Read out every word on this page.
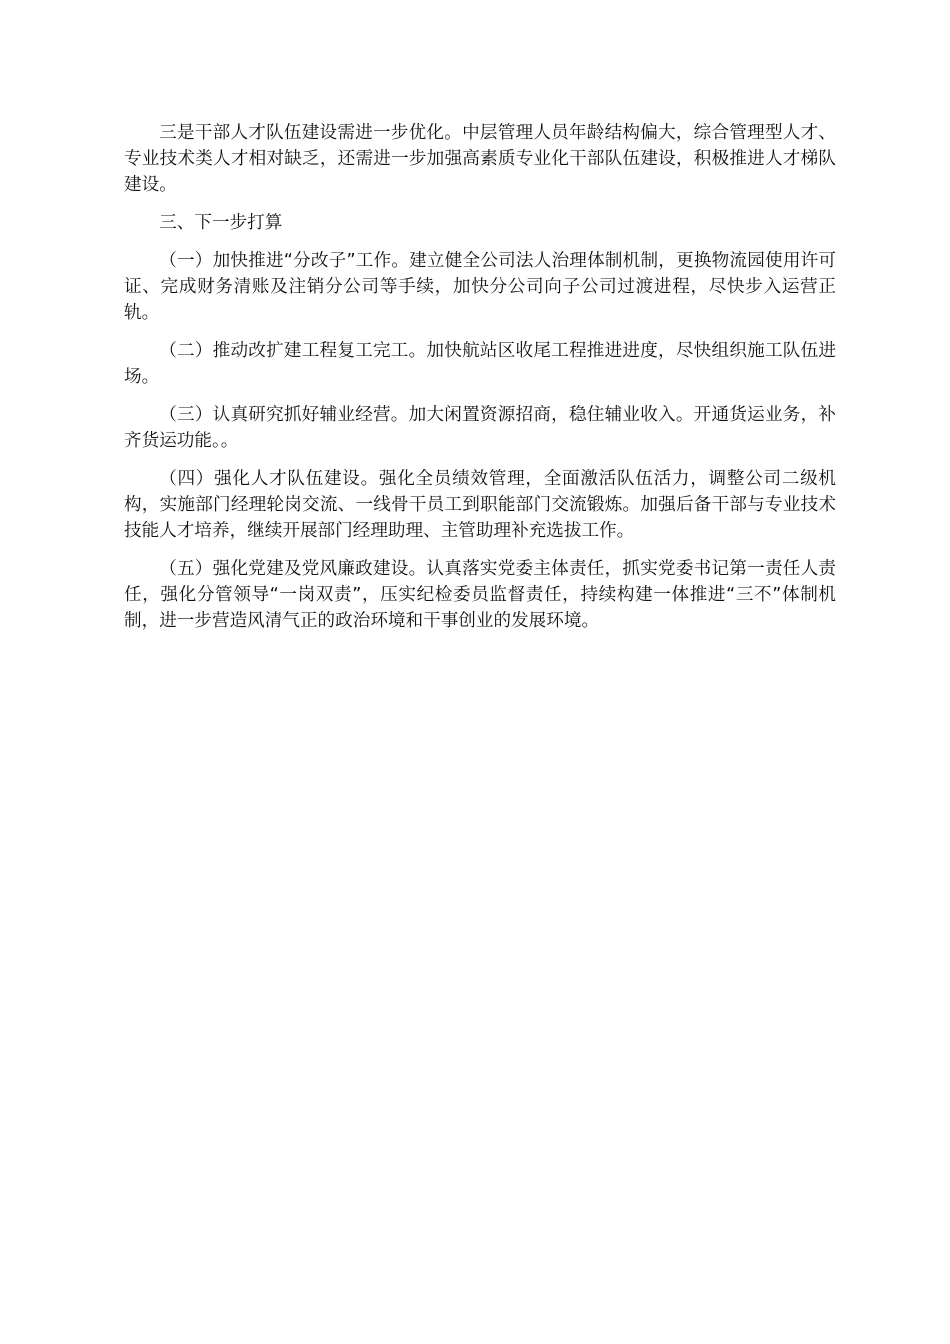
三是干部人才队伍建设需进一步优化。中层管理人员年龄结构偏大，综合管理型人才、专业技术类人才相对缺乏，还需进一步加强高素质专业化干部队伍建设，积极推进人才梯队建设。

三、下一步打算

（一）加快推进“分改子”工作。建立健全公司法人治理体制机制，更换物流园使用许可证、完成财务清账及注销分公司等手续，加快分公司向子公司过渡进程，尽快步入运营正轨。

（二）推动改扩建工程复工完工。加快航站区收尾工程推进进度，尽快组织施工队伍进场。

（三）认真研究抓好辅业经营。加大闲置资源招商，稳住辅业收入。开通货运业务，补齐货运功能。。

（四）强化人才队伍建设。强化全员绩效管理，全面激活队伍活力，调整公司二级机构，实施部门经理轮岗交流、一线骨干员工到职能部门交流锻炼。加强后备干部与专业技术技能人才培养，继续开展部门经理助理、主管助理补充选拔工作。

（五）强化党建及党风廉政建设。认真落实党委主体责任，抓实党委书记第一责任人责任，强化分管领导“一岗双责”，压实纪检委员监督责任，持续构建一体推进“三不”体制机制，进一步营造风清气正的政治环境和干事创业的发展环境。
